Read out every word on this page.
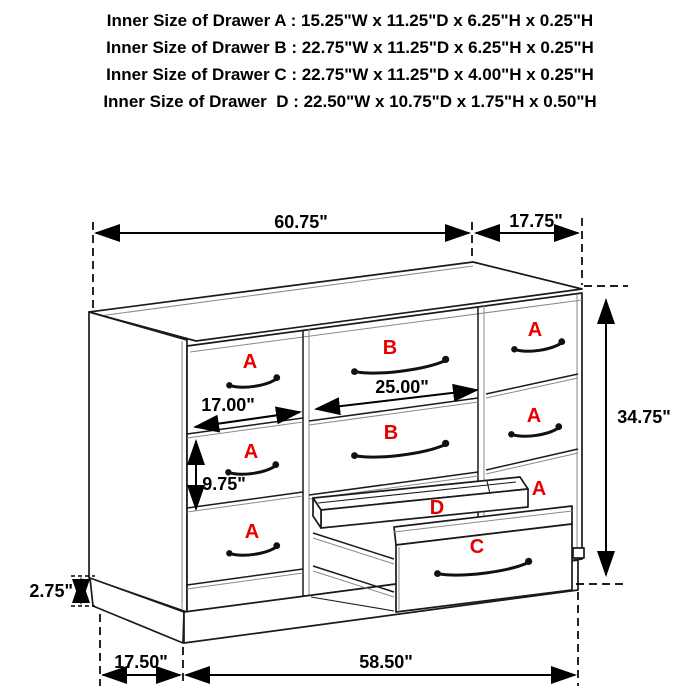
Inner Size of Drawer A : 15.25"W x 11.25"D x 6.25"H x 0.25"H
Inner Size of Drawer B : 22.75"W x 11.25"D x 6.25"H x 0.25"H
Inner Size of Drawer C : 22.75"W x 11.25"D x 4.00"H x 0.25"H
Inner Size of Drawer  D : 22.50"W x 10.75"D x 1.75"H x 0.50"H
D
C
A
A
A
B
B
A
A
A
60.75"	17.75"
34.75"
25.00"
17.00"
9.75"
2.75"
17.50"	58.50"
